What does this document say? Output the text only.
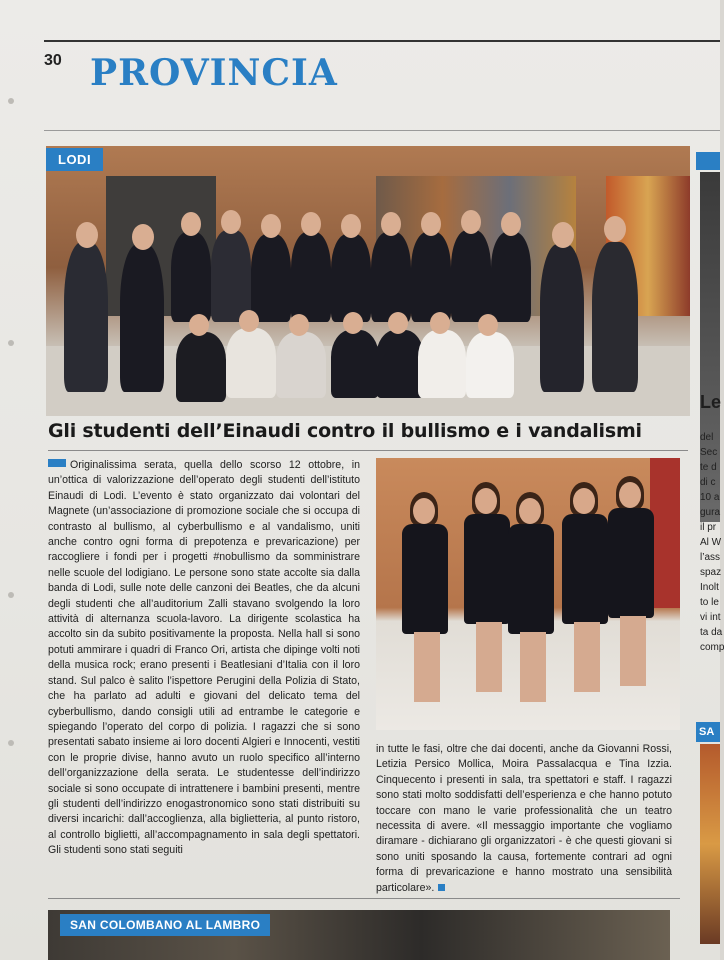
30 PROVINCIA
LODI
Gli studenti dell’Einaudi contro il bullismo e i vandalismi
Originalissima serata, quella dello scorso 12 ottobre, in un’ottica di valorizzazione dell’operato degli studenti dell’istituto Einaudi di Lodi. L’evento è stato organizzato dai volontari del Magnete (un’associazione di promozione sociale che si occupa di contrasto al bullismo, al cyberbullismo e al vandalismo, uniti anche contro ogni forma di prepotenza e prevaricazione) per raccogliere i fondi per i progetti #nobullismo da somministrare nelle scuole del lodigiano. Le persone sono state accolte sia dalla banda di Lodi, sulle note delle canzoni dei Beatles, che da alcuni degli studenti che all’auditorium Zalli stavano svolgendo la loro attività di alternanza scuola-lavoro. La dirigente scolastica ha accolto sin da subito positivamente la proposta. Nella hall si sono potuti ammirare i quadri di Franco Ori, artista che dipinge volti noti della musica rock; erano presenti i Beatlesiani d’Italia con il loro stand. Sul palco è salito l’ispettore Perugini della Polizia di Stato, che ha parlato ad adulti e giovani del delicato tema del cyberbullismo, dando consigli utili ad entrambe le categorie e spiegando l’operato del corpo di polizia. I ragazzi che si sono presentati sabato insieme ai loro docenti Algieri e Innocenti, vestiti con le proprie divise, hanno avuto un ruolo specifico all’interno dell’organizzazione della serata. Le studentesse dell’indirizzo sociale si sono occupate di intrattenere i bambini presenti, mentre gli studenti dell’indirizzo enogastronomico sono stati distribuiti su diversi incarichi: dall’accoglienza, alla biglietteria, al punto ristoro, al controllo biglietti, all’accompagnamento in sala degli spettatori. Gli studenti sono stati seguiti
in tutte le fasi, oltre che dai docenti, anche da Giovanni Rossi, Letizia Persico Mollica, Moira Passalacqua e Tina Izzia. Cinquecento i presenti in sala, tra spettatori e staff. I ragazzi sono stati molto soddisfatti dell’esperienza e che hanno potuto toccare con mano le varie professionalità che un teatro necessita di avere. «Il messaggio importante che vogliamo diramare - dichiarano gli organizzatori - è che questi giovani si sono uniti sposando la causa, fortemente contrari ad ogni forma di prevaricazione e hanno mostrato una sensibilità particolare».
Le
del
Sec
te d
di c
10 a
gura
il pr
Al W
l’ass
spaz
Inolt
to le
vi int
ta da
comp
SA
SAN COLOMBANO AL LAMBRO
